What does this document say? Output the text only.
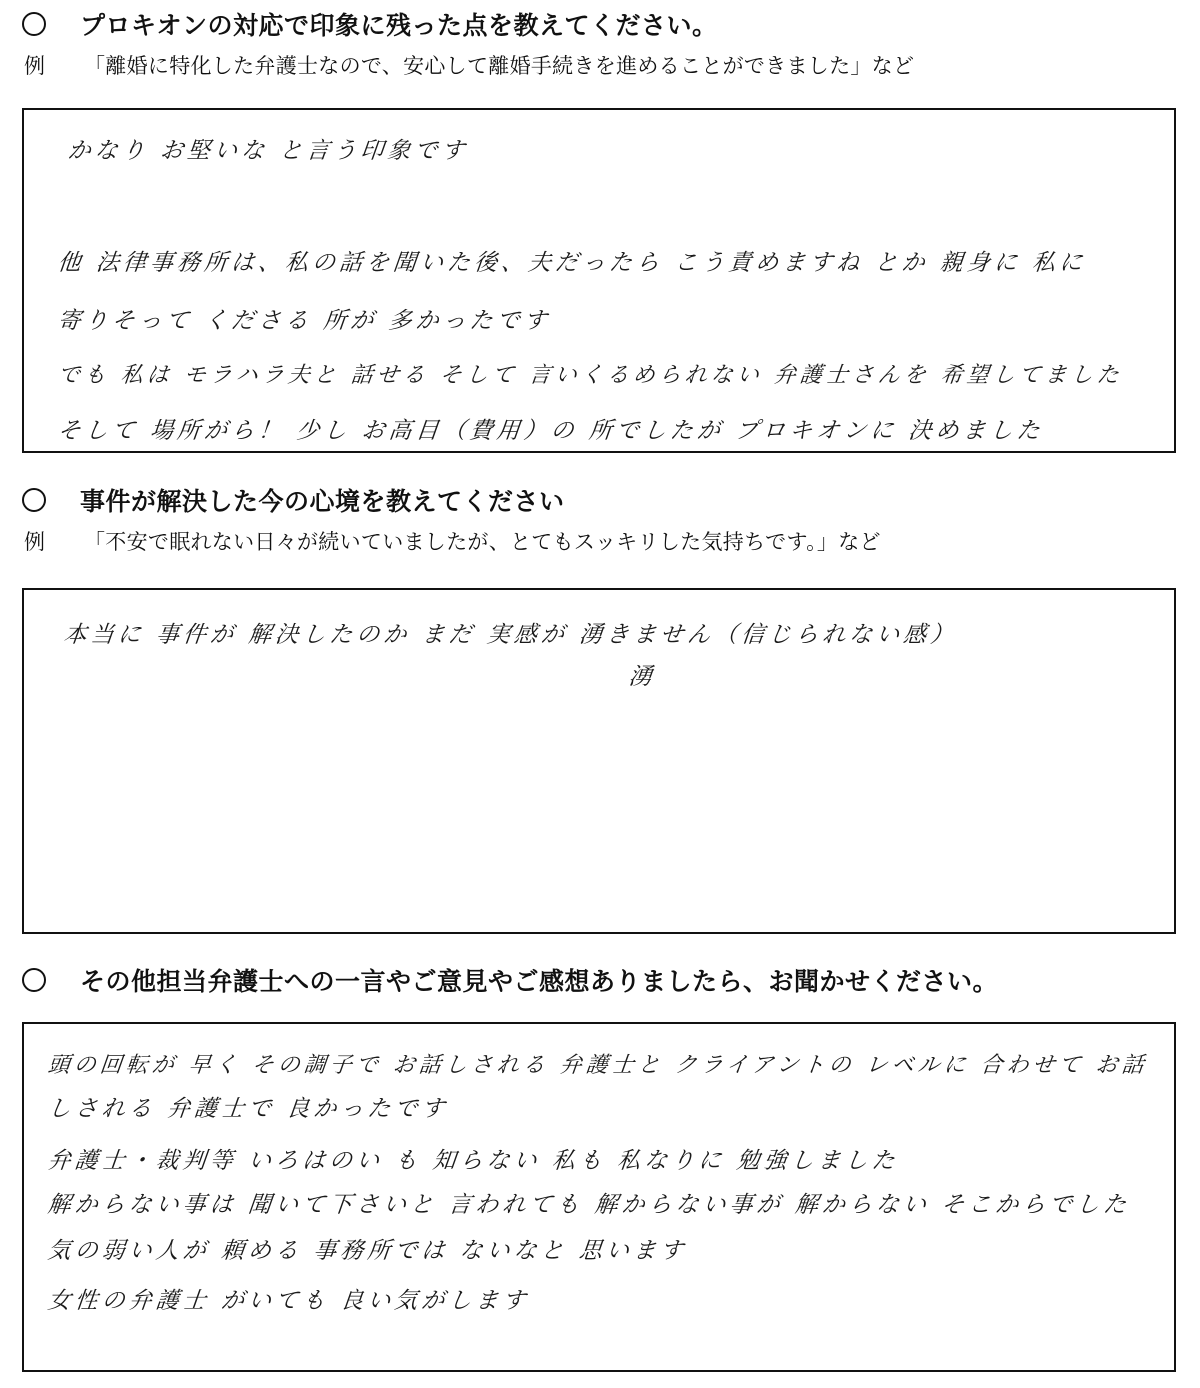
プロキオンの対応で印象に残った点を教えてください。
例 「離婚に特化した弁護士なので、安心して離婚手続きを進めることができました」など
かなり お堅いな と言う印象です
他 法律事務所は、私の話を聞いた後、夫だったら こう責めますね とか 親身に 私に
寄りそって くださる 所が 多かったです
でも 私は モラハラ夫と 話せる そして 言いくるめられない 弁護士さんを 希望してました
そして 場所がら！ 少し お高目（費用）の 所でしたが プロキオンに 決めました
事件が解決した今の心境を教えてください
例 「不安で眠れない日々が続いていましたが、とてもスッキリした気持ちです。」など
本当に 事件が 解決したのか まだ 実感が 湧きません（信じられない感）
湧
その他担当弁護士への一言やご意見やご感想ありましたら、お聞かせください。
頭の回転が 早く その調子で お話しされる 弁護士と クライアントの レベルに 合わせて お話
しされる 弁護士で 良かったです
弁護士・裁判等 いろはのい も 知らない 私も 私なりに 勉強しました
解からない事は 聞いて下さいと 言われても 解からない事が 解からない そこからでした
気の弱い人が 頼める 事務所では ないなと 思います
女性の弁護士 がいても 良い気がします
